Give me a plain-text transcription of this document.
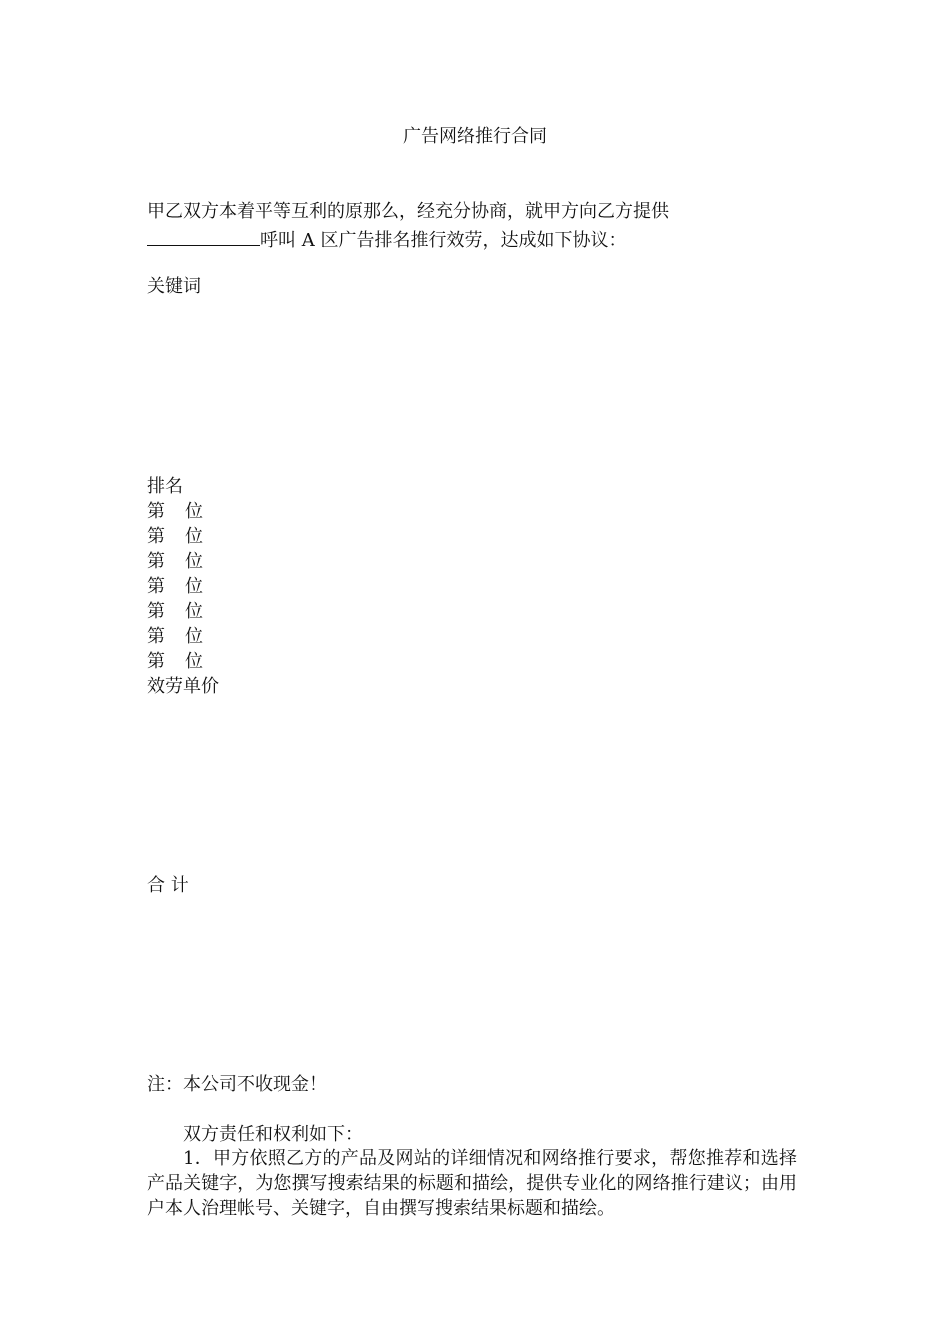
广告网络推行合同
甲乙双方本着平等互利的原那么，经充分协商，就甲方向乙方提供
呼叫 A 区广告排名推行效劳，达成如下协议：
关键词
排名
第 位
第 位
第 位
第 位
第 位
第 位
第 位
效劳单价
合 计
注：本公司不收现金！
双方责任和权利如下：
1．甲方依照乙方的产品及网站的详细情况和网络推行要求，帮您推荐和选择产品关键字，为您撰写搜索结果的标题和描绘，提供专业化的网络推行建议；由用户本人治理帐号、关键字，自由撰写搜索结果标题和描绘。
